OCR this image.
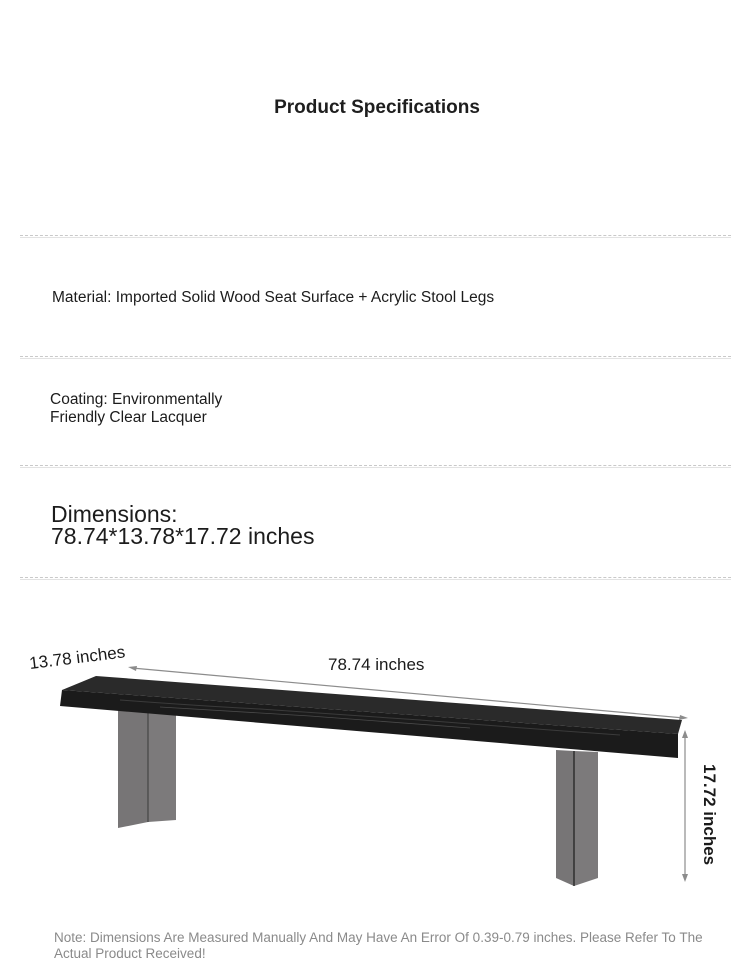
Product Specifications
Material: Imported Solid Wood Seat Surface + Acrylic Stool Legs
Coating: Environmentally
Friendly Clear Lacquer
Dimensions:
78.74*13.78*17.72 inches
13.78 inches	78.74 inches
17.72 inches
Note: Dimensions Are Measured Manually And May Have An Error Of 0.39-0.79 inches. Please Refer To The Actual Product Received!
